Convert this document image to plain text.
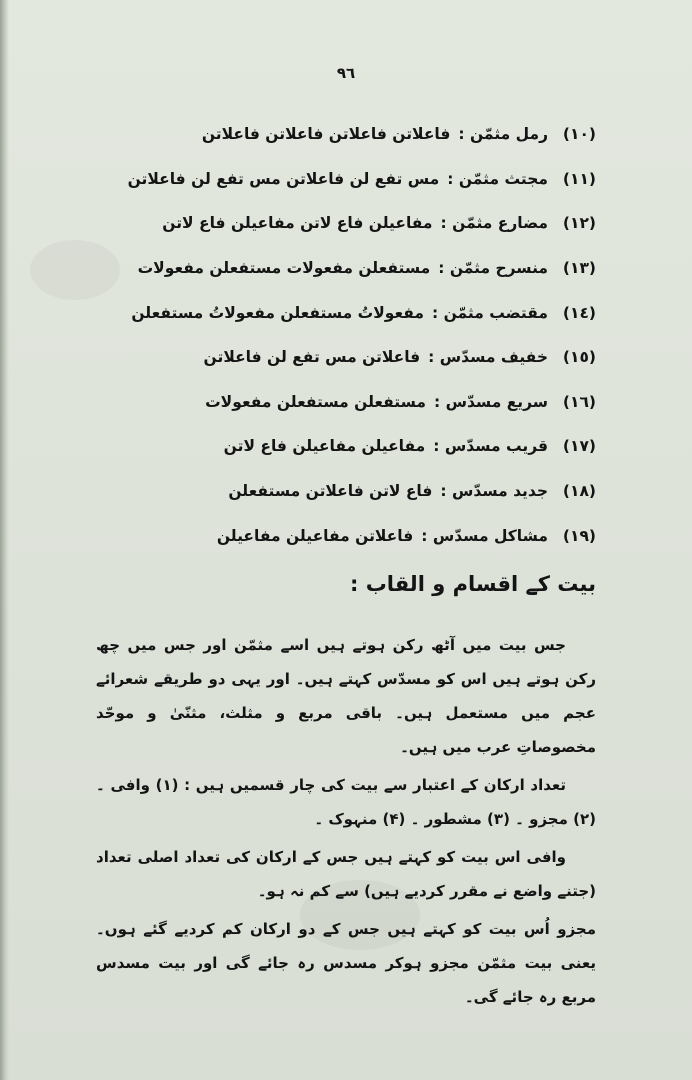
٩٦
(١٠)
رمل مثمّن :
فاعلاتن فاعلاتن فاعلاتن فاعلاتن
(١١)
مجتث مثمّن :
مس تفع لن فاعلاتن مس تفع لن فاعلاتن
(١٢)
مضارع مثمّن :
مفاعیلن فاع لاتن مفاعیلن فاع لاتن
(١٣)
منسرح مثمّن :
مستفعلن مفعولات مستفعلن مفعولات
(١٤)
مقتضب مثمّن :
مفعولاتُ مستفعلن مفعولاتُ مستفعلن
(١٥)
خفیف مسدّس :
فاعلاتن مس تفع لن فاعلاتن
(١٦)
سریع مسدّس :
مستفعلن مستفعلن مفعولات
(١٧)
قریب مسدّس :
مفاعیلن مفاعیلن فاع لاتن
(١٨)
جدید مسدّس :
فاع لاتن فاعلاتن مستفعلن
(١٩)
مشاکل مسدّس :
فاعلاتن مفاعیلن مفاعیلن
بیت کے اقسام و القاب :

جس بیت میں آٹھ رکن ہوتے ہیں اسے مثمّن اور جس میں چھ رکن ہوتے ہیں اس کو مسدّس کہتے ہیں۔ اور یہی دو طریقے شعرائے عجم میں مستعمل ہیں۔ باقی مربع و مثلث، مثنّیٰ و موحّد مخصوصاتِ عرب میں ہیں۔

تعداد ارکان کے اعتبار سے بیت کی چار قسمیں ہیں : (١) وافی ۔ (٢) مجزو ۔ (٣) مشطور ۔ (۴) منہوک ۔

وافی اس بیت کو کہتے ہیں جس کے ارکان کی تعداد اصلی تعداد (جتنے واضع نے مقرر کردیے ہیں) سے کم نہ ہو۔

مجزو اُس بیت کو کہتے ہیں جس کے دو ارکان کم کردیے گئے ہوں۔ یعنی بیت مثمّن مجزو ہوکر مسدس رہ جائے گی اور بیت مسدس مربع رہ جائے گی۔
